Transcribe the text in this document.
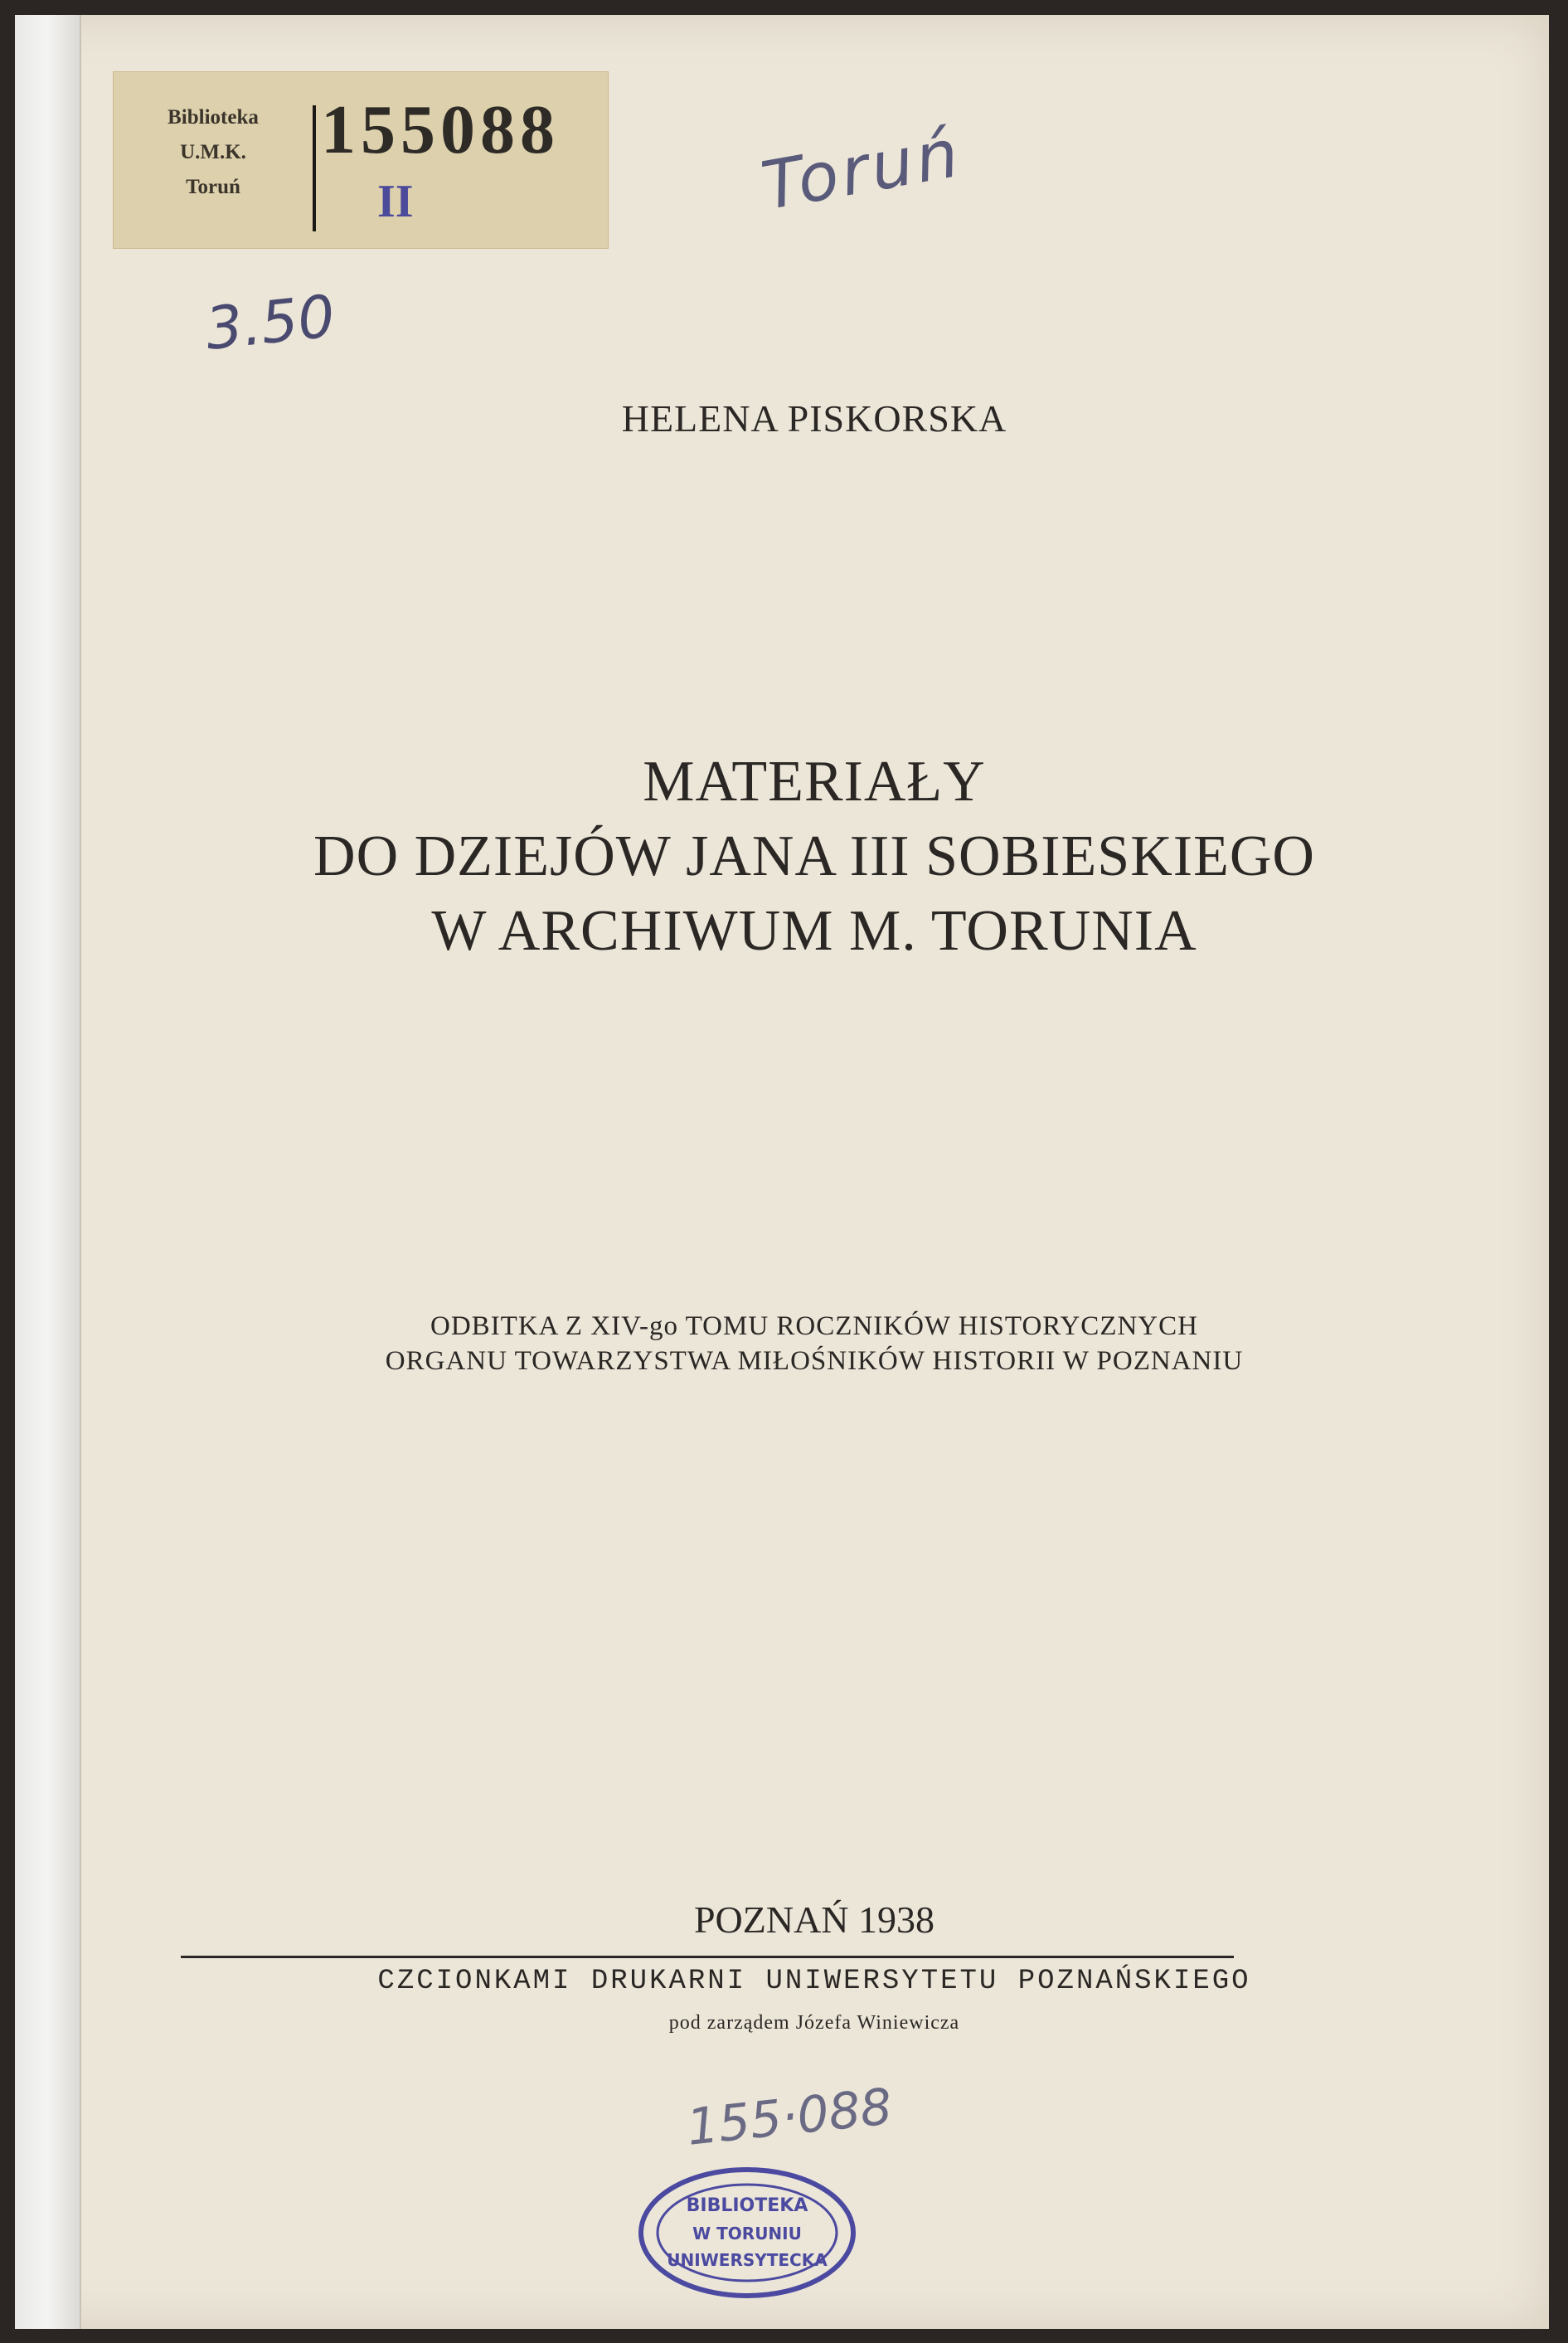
Biblioteka
U.M.K.
Toruń
155088
II	Toruń
3.50
HELENA PISKORSKA
MATERIAŁY
DO DZIEJÓW JANA III SOBIESKIEGO
W ARCHIWUM M. TORUNIA
ODBITKA Z XIV-go TOMU ROCZNIKÓW HISTORYCZNYCH
ORGANU TOWARZYSTWA MIŁOŚNIKÓW HISTORII W POZNANIU
POZNAŃ 1938
CZCIONKAMI DRUKARNI UNIWERSYTETU POZNAŃSKIEGO
pod zarządem Józefa Winiewicza
155·088
BIBLIOTEKA
W TORUNIU
UNIWERSYTECKA
